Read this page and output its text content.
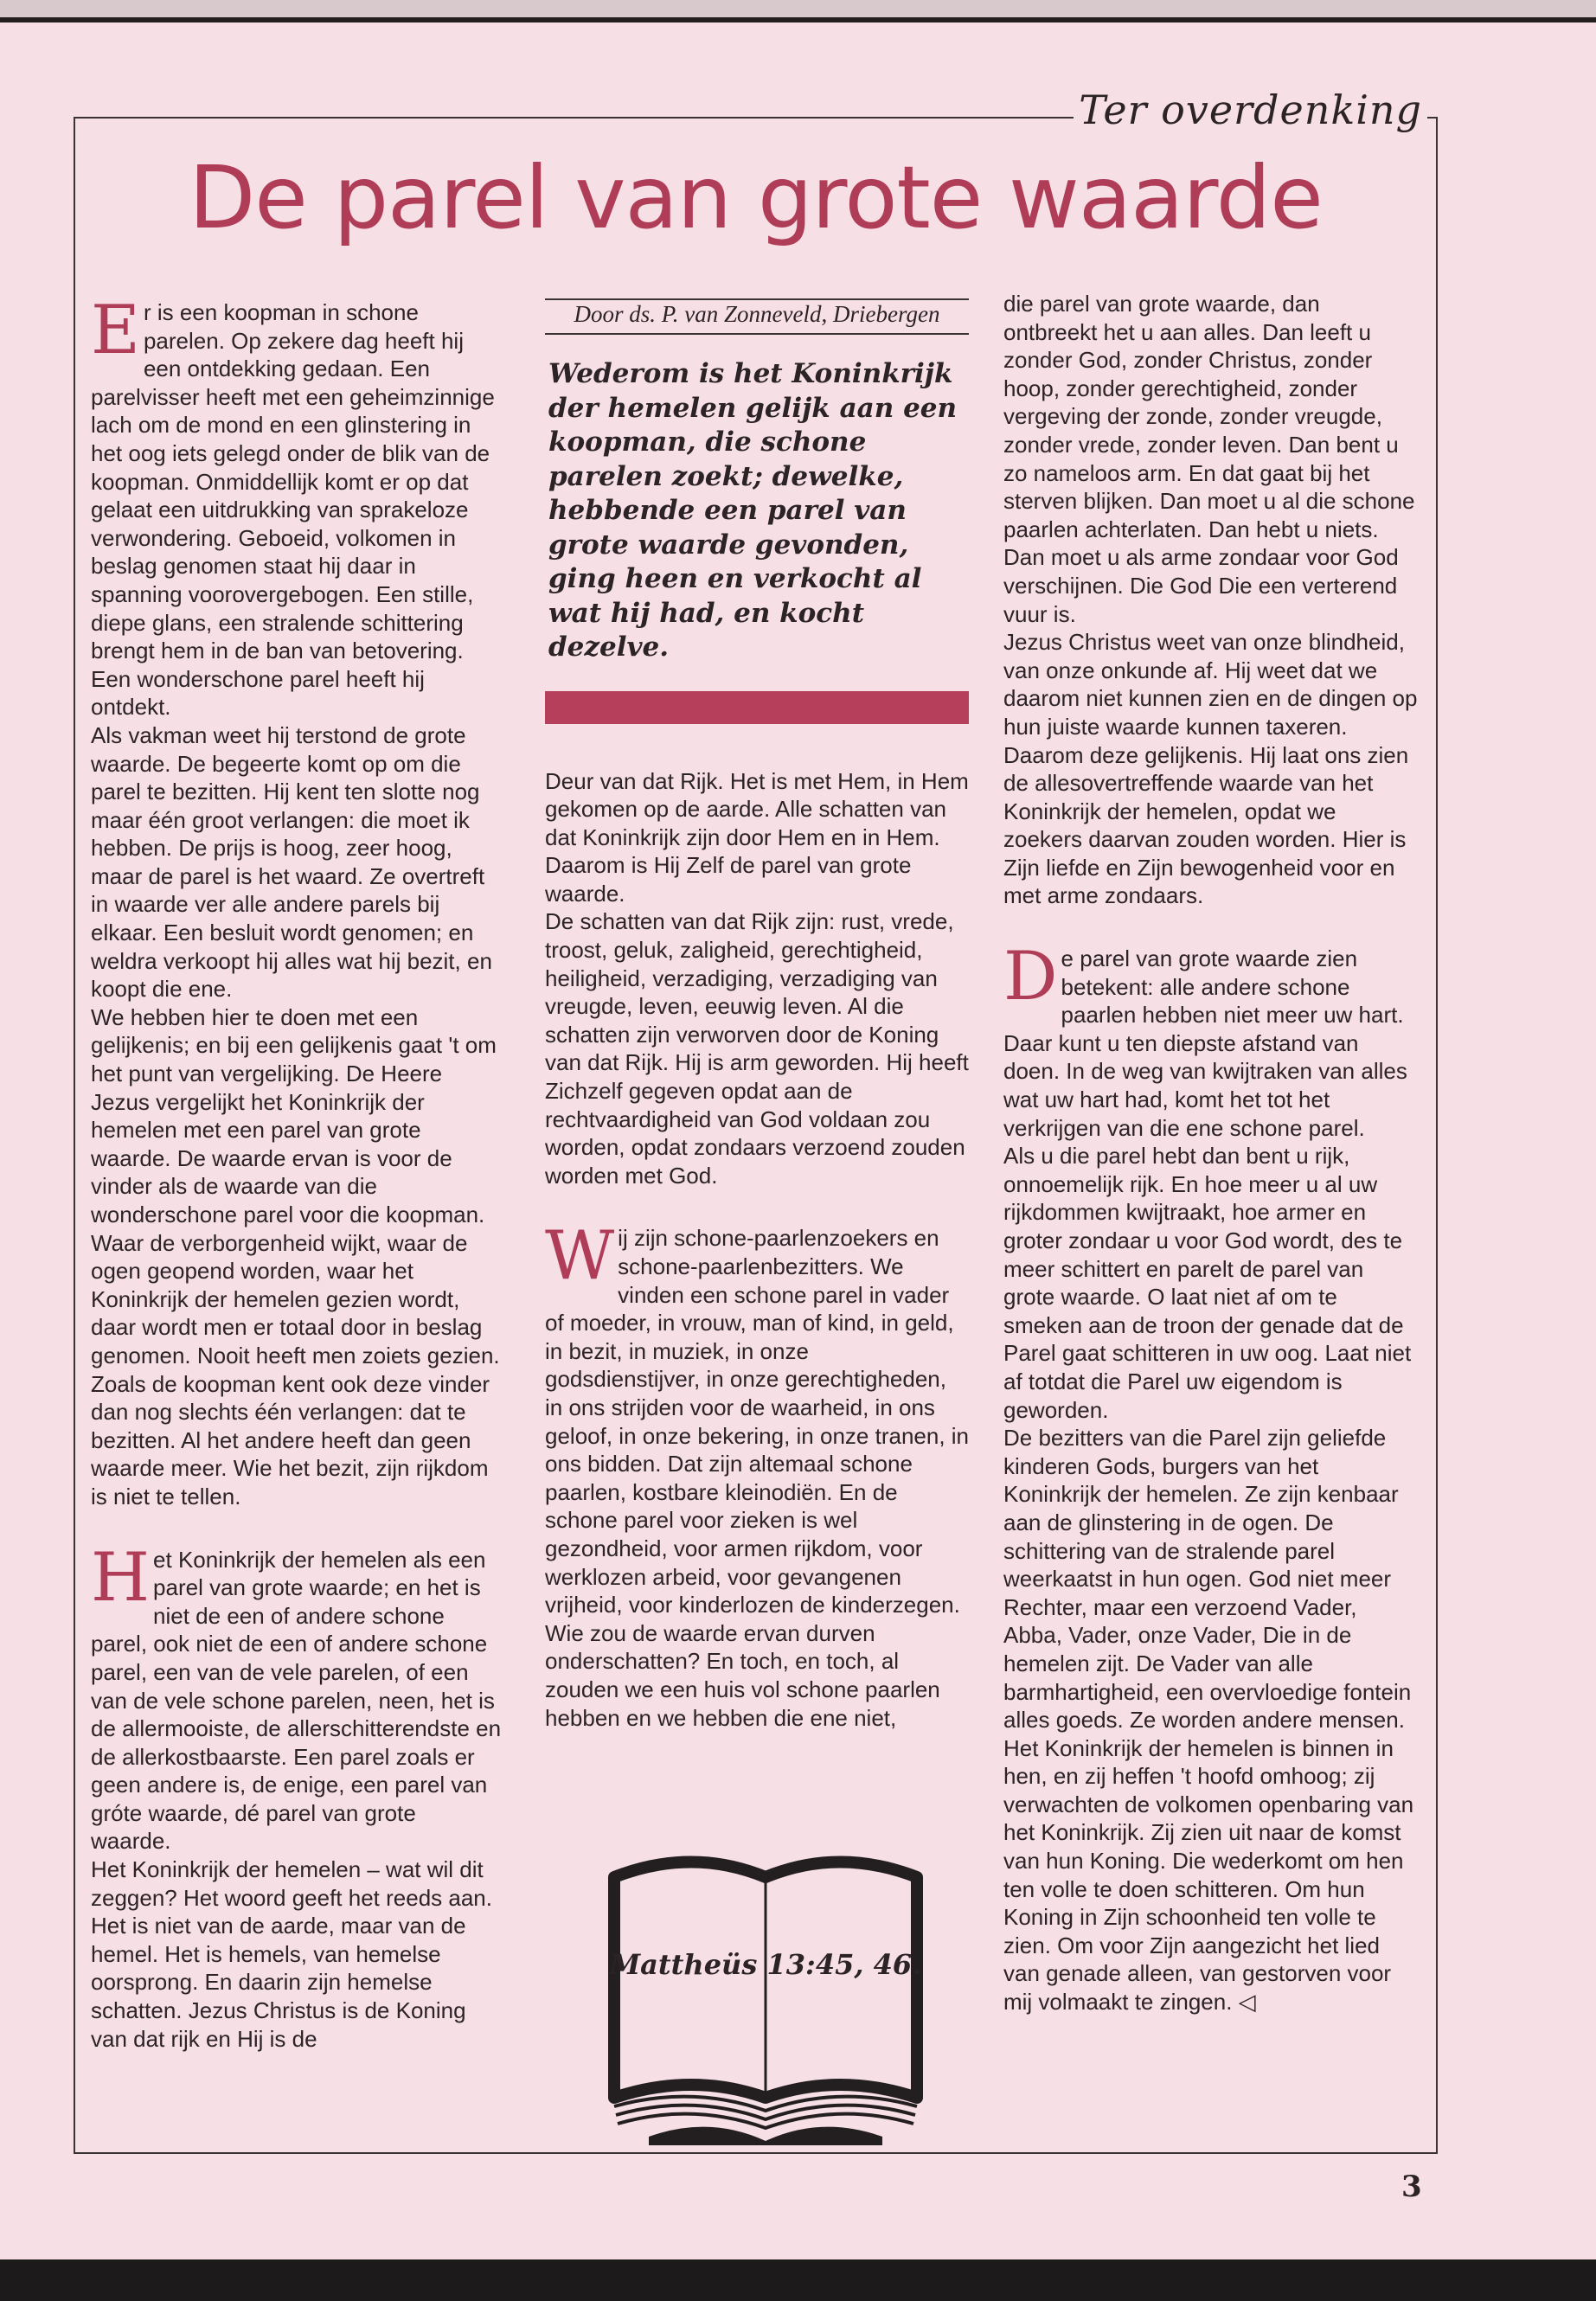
Ter overdenking
De parel van grote waarde

Er is een koopman in schone parelen. Op zekere dag heeft hij een ontdekking gedaan. Een parelvisser heeft met een geheimzinnige lach om de mond en een glinstering in het oog iets gelegd onder de blik van de koopman. Onmiddellijk komt er op dat gelaat een uitdrukking van sprakeloze verwondering. Geboeid, volkomen in beslag genomen staat hij daar in spanning voorovergebogen. Een stille, diepe glans, een stralende schittering brengt hem in de ban van betovering. Een wonderschone parel heeft hij ontdekt.

Als vakman weet hij terstond de grote waarde. De begeerte komt op om die parel te bezitten. Hij kent ten slotte nog maar één groot verlangen: die moet ik hebben. De prijs is hoog, zeer hoog, maar de parel is het waard. Ze overtreft in waarde ver alle andere parels bij elkaar. Een besluit wordt genomen; en weldra verkoopt hij alles wat hij bezit, en koopt die ene.

We hebben hier te doen met een gelijkenis; en bij een gelijkenis gaat 't om het punt van vergelijking. De Heere Jezus vergelijkt het Koninkrijk der hemelen met een parel van grote waarde. De waarde ervan is voor de vinder als de waarde van die wonderschone parel voor die koopman.

Waar de verborgenheid wijkt, waar de ogen geopend worden, waar het Koninkrijk der hemelen gezien wordt, daar wordt men er totaal door in beslag genomen. Nooit heeft men zoiets gezien. Zoals de koopman kent ook deze vinder dan nog slechts één verlangen: dat te bezitten. Al het andere heeft dan geen waarde meer. Wie het bezit, zijn rijkdom is niet te tellen.

Het Koninkrijk der hemelen als een parel van grote waarde; en het is niet de een of andere schone parel, ook niet de een of andere schone parel, een van de vele parelen, of een van de vele schone parelen, neen, het is de allermooiste, de allerschitterendste en de allerkostbaarste. Een parel zoals er geen andere is, de enige, een parel van gróte waarde, dé parel van grote waarde.

Het Koninkrijk der hemelen – wat wil dit zeggen? Het woord geeft het reeds aan. Het is niet van de aarde, maar van de hemel. Het is hemels, van hemelse oorsprong. En daarin zijn hemelse schatten. Jezus Christus is de Koning van dat rijk en Hij is de

Door ds. P. van Zonneveld, Driebergen

Wederom is het Koninkrijk der hemelen gelijk aan een koopman, die schone parelen zoekt; dewelke, hebbende een parel van grote waarde gevonden, ging heen en verkocht al wat hij had, en kocht dezelve.

Deur van dat Rijk. Het is met Hem, in Hem gekomen op de aarde. Alle schatten van dat Koninkrijk zijn door Hem en in Hem. Daarom is Hij Zelf de parel van grote waarde.

De schatten van dat Rijk zijn: rust, vrede, troost, geluk, zaligheid, gerechtigheid, heiligheid, verzadiging, verzadiging van vreugde, leven, eeuwig leven. Al die schatten zijn verworven door de Koning van dat Rijk. Hij is arm geworden. Hij heeft Zichzelf gegeven opdat aan de rechtvaardigheid van God voldaan zou worden, opdat zondaars verzoend zouden worden met God.

Wij zijn schone-paarlenzoekers en schone-paarlenbezitters. We vinden een schone parel in vader of moeder, in vrouw, man of kind, in geld, in bezit, in muziek, in onze godsdienstijver, in onze gerechtigheden, in ons strijden voor de waarheid, in ons geloof, in onze bekering, in onze tranen, in ons bidden. Dat zijn altemaal schone paarlen, kostbare kleinodiën. En de schone parel voor zieken is wel gezondheid, voor armen rijkdom, voor werklozen arbeid, voor gevangenen vrijheid, voor kinderlozen de kinderzegen.

Wie zou de waarde ervan durven onderschatten? En toch, en toch, al zouden we een huis vol schone paarlen hebben en we hebben die ene niet,

Mattheüs 13:45, 46.

die parel van grote waarde, dan ontbreekt het u aan alles. Dan leeft u zonder God, zonder Christus, zonder hoop, zonder gerechtigheid, zonder vergeving der zonde, zonder vreugde, zonder vrede, zonder leven. Dan bent u zo nameloos arm. En dat gaat bij het sterven blijken. Dan moet u al die schone paarlen achterlaten. Dan hebt u niets. Dan moet u als arme zondaar voor God verschijnen. Die God Die een verterend vuur is.

Jezus Christus weet van onze blindheid, van onze onkunde af. Hij weet dat we daarom niet kunnen zien en de dingen op hun juiste waarde kunnen taxeren. Daarom deze gelijkenis. Hij laat ons zien de allesovertreffende waarde van het Koninkrijk der hemelen, opdat we zoekers daarvan zouden worden. Hier is Zijn liefde en Zijn bewogenheid voor en met arme zondaars.

De parel van grote waarde zien betekent: alle andere schone paarlen hebben niet meer uw hart. Daar kunt u ten diepste afstand van doen. In de weg van kwijtraken van alles wat uw hart had, komt het tot het verkrijgen van die ene schone parel.

Als u die parel hebt dan bent u rijk, onnoemelijk rijk. En hoe meer u al uw rijkdommen kwijtraakt, hoe armer en groter zondaar u voor God wordt, des te meer schittert en parelt de parel van grote waarde. O laat niet af om te smeken aan de troon der genade dat de Parel gaat schitteren in uw oog. Laat niet af totdat die Parel uw eigendom is geworden.

De bezitters van die Parel zijn geliefde kinderen Gods, burgers van het Koninkrijk der hemelen. Ze zijn kenbaar aan de glinstering in de ogen. De schittering van de stralende parel weerkaatst in hun ogen. God niet meer Rechter, maar een verzoend Vader, Abba, Vader, onze Vader, Die in de hemelen zijt. De Vader van alle barmhartigheid, een overvloedige fontein alles goeds. Ze worden andere mensen.

Het Koninkrijk der hemelen is binnen in hen, en zij heffen 't hoofd omhoog; zij verwachten de volkomen openbaring van het Koninkrijk. Zij zien uit naar de komst van hun Koning. Die wederkomt om hen ten volle te doen schitteren. Om hun Koning in Zijn schoonheid ten volle te zien. Om voor Zijn aangezicht het lied van genade alleen, van gestorven voor mij volmaakt te zingen. ◁

3
